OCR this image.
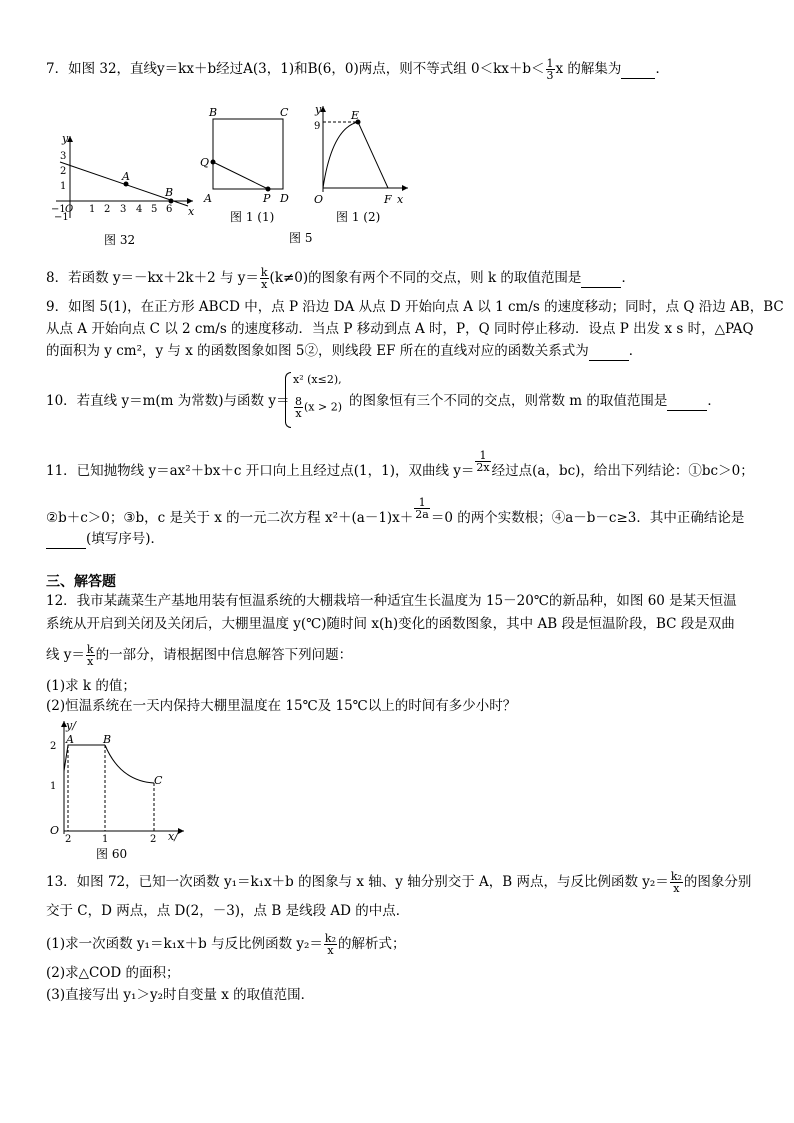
7．如图 32，直线y＝kx＋b经过A(3，1)和B(6，0)两点，则不等式组 $0<kx+b< \frac{1}{3}$ x 的解集为	．
y
x
O
−1 1 2 3 4 5 6
3
2
1
−1
A
B
图 32
B	C
A	D
P
Q
图 1 (1)
y
x
O
9
E
F
图 1 (2)
图 5
8．若函数 y＝－kx＋2k＋2 与 $y= \frac{k}{x} (k\ne 0)$的图象有两个不同的交点，则 k 的取值范围是	．
9．如图 5(1)，在正方形 ABCD 中，点 P 沿边 DA 从点 D 开始向点 A 以 1 cm/s 的速度移动；同时，点 Q 沿边 AB，BC
从点 A 开始向点 C 以 2 cm/s 的速度移动．当点 P 移动到点 A 时，P，Q 同时停止移动．设点 P 出发 x s 时，△PAQ
的面积为 y cm²，y 与 x 的函数图象如图 5②，则线段 EF 所在的直线对应的函数关系式为	．
10．若直线 y＝m(m 为常数)与函数 y＝
x² (x≤2),
$\frac{8}{x} (x > 2)$ 的图象恒有三个不同的交点，则常数 m 的取值范围是	．
11．已知抛物线 y＝ax²＋bx＋c 开口向上且经过点(1，1)，双曲线 $y= \frac{1}{2x}$ 经过点(a，bc)，给出下列结论：①bc＞0；
②b＋c＞0；③b，c 是关于 x 的一元二次方程 $x^2+(a-1)x+ \frac{1}{2a} =0$ 的两个实数根；④a－b－c≥3．其中正确结论是
(填写序号)．
三、解答题
12．我市某蔬菜生产基地用装有恒温系统的大棚栽培一种适宜生长温度为 15－20℃的新品种，如图 60 是某天恒温
系统从开启到关闭及关闭后，大棚里温度 y(℃)随时间 x(h)变化的函数图象，其中 AB 段是恒温阶段，BC 段是双曲
线 $y= \frac{k}{x}$ 的一部分，请根据图中信息解答下列问题：
(1)求 k 的值；
(2)恒温系统在一天内保持大棚里温度在 15℃及 15℃以上的时间有多少小时？
y/
x/
O
2
1
2	1	2
A	B
C
图 60
13．如图 72，已知一次函数 y₁＝k₁x＋b 的图象与 x 轴、y 轴分别交于 A，B 两点，与反比例函数 $y_2= \frac{\text{k₂}}{x}$ 的图象分别
交于 C，D 两点，点 D(2，－3)，点 B 是线段 AD 的中点．
(1)求一次函数 y₁＝k₁x＋b 与反比例函数 $y_2= \frac{\text{k₂}}{x}$ 的解析式；
(2)求△COD 的面积；
(3)直接写出 y₁＞y₂时自变量 x 的取值范围．
